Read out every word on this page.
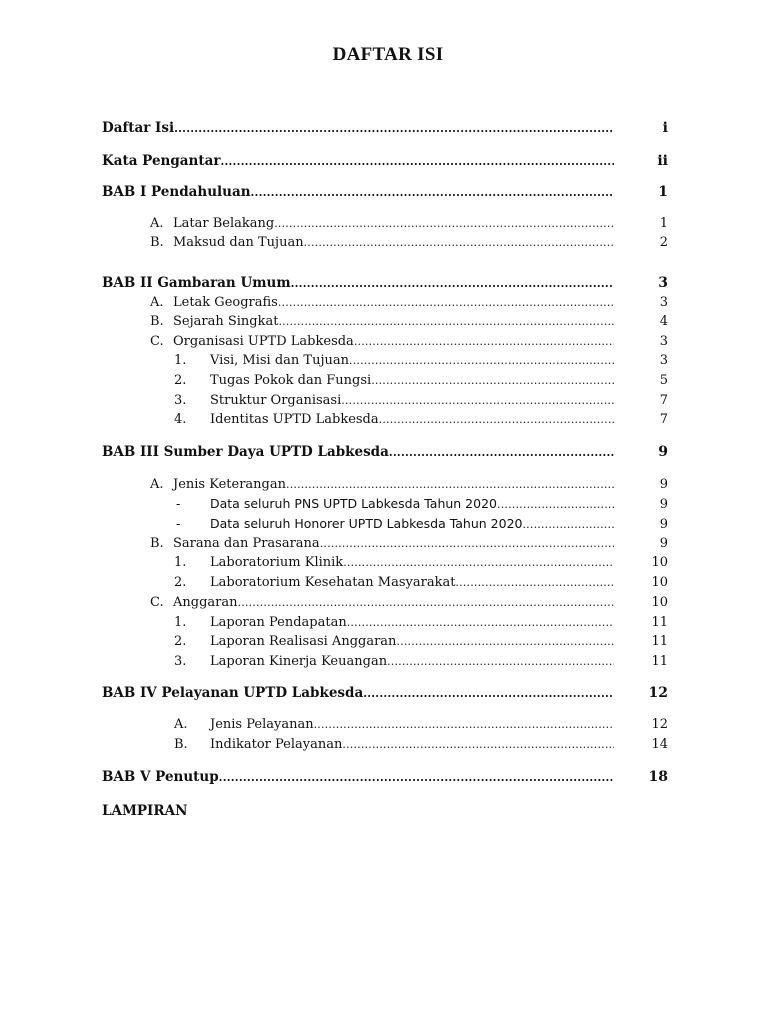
DAFTAR ISI
Daftar Isi .....	i
Kata Pengantar .....	ii
BAB I Pendahuluan .....	1
A. Latar Belakang .....	1
B. Maksud dan Tujuan .....	2
BAB II Gambaran Umum .....	3
A. Letak Geografis .....	3
B. Sejarah Singkat .....	4
C. Organisasi UPTD Labkesda .....	3
1.	Visi, Misi dan Tujuan .....	3
2.	Tugas Pokok dan Fungsi .....	5
3.	Struktur Organisasi .....	7
4.	Identitas UPTD Labkesda .....	7
BAB III Sumber Daya UPTD Labkesda .....	9
A. Jenis Keterangan .....	9
-	Data seluruh PNS UPTD Labkesda Tahun 2020 .....	9
-	Data seluruh Honorer UPTD Labkesda Tahun 2020 .....	9
B. Sarana dan Prasarana .....	9
1.	Laboratorium Klinik .....	10
2.	Laboratorium Kesehatan Masyarakat .....	10
C. Anggaran .....	10
1.	Laporan Pendapatan .....	11
2.	Laporan Realisasi Anggaran .....	11
3.	Laporan Kinerja Keuangan .....	11
BAB IV Pelayanan UPTD Labkesda .....	12
A.	Jenis Pelayanan .....	12
B.	Indikator Pelayanan .....	14
BAB V Penutup .....	18
LAMPIRAN
